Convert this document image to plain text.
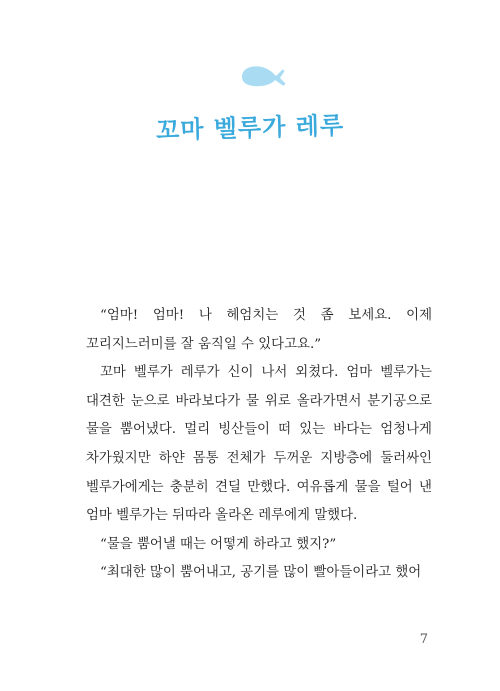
꼬마 벨루가 레루

“엄마! 엄마! 나 헤엄치는 것 좀 보세요. 이제 꼬리지느러미를 잘 움직일 수 있다고요.”

꼬마 벨루가 레루가 신이 나서 외쳤다. 엄마 벨루가는 대견한 눈으로 바라보다가 물 위로 올라가면서 분기공으로 물을 뿜어냈다. 멀리 빙산들이 떠 있는 바다는 엄청나게 차가웠지만 하얀 몸통 전체가 두꺼운 지방층에 둘러싸인 벨루가에게는 충분히 견딜 만했다. 여유롭게 물을 털어 낸 엄마 벨루가는 뒤따라 올라온 레루에게 말했다.

“물을 뿜어낼 때는 어떻게 하라고 했지?”

“최대한 많이 뿜어내고, 공기를 많이 빨아들이라고 했어

7
